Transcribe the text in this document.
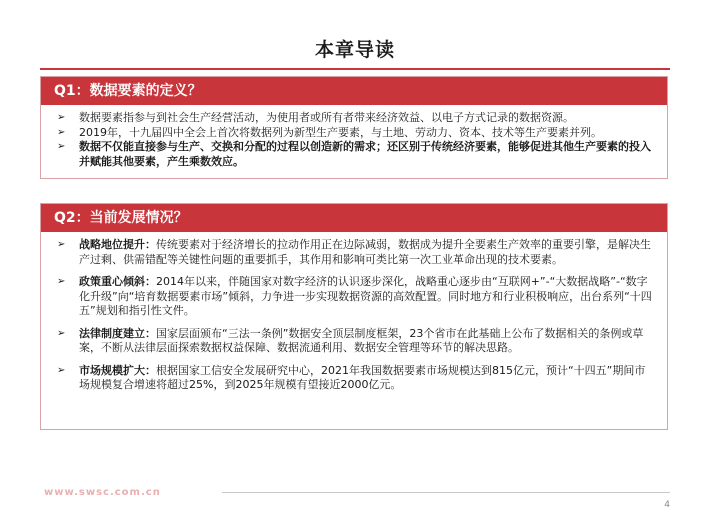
本章导读
Q1：数据要素的定义？
➢	数据要素指参与到社会生产经营活动，为使用者或所有者带来经济效益、以电子方式记录的数据资源。
➢	2019年，十九届四中全会上首次将数据列为新型生产要素，与土地、劳动力、资本、技术等生产要素并列。
➢	数据不仅能直接参与生产、交换和分配的过程以创造新的需求；还区别于传统经济要素，能够促进其他生产要素的投入并赋能其他要素，产生乘数效应。
Q2：当前发展情况？
➢	战略地位提升：传统要素对于经济增长的拉动作用正在边际减弱，数据成为提升全要素生产效率的重要引擎，是解决生产过剩、供需错配等关键性问题的重要抓手，其作用和影响可类比第一次工业革命出现的技术要素。
➢	政策重心倾斜：2014年以来，伴随国家对数字经济的认识逐步深化，战略重心逐步由“互联网+”-“大数据战略”-“数字化升级”向“培育数据要素市场”倾斜，力争进一步实现数据资源的高效配置。同时地方和行业积极响应，出台系列“十四五”规划和指引性文件。
➢	法律制度建立：国家层面颁布“三法一条例”数据安全顶层制度框架，23个省市在此基础上公布了数据相关的条例或草案，不断从法律层面探索数据权益保障、数据流通利用、数据安全管理等环节的解决思路。
➢	市场规模扩大：根据国家工信安全发展研究中心，2021年我国数据要素市场规模达到815亿元，预计“十四五”期间市场规模复合增速将超过25%，到2025年规模有望接近2000亿元。
www.swsc.com.cn
4
